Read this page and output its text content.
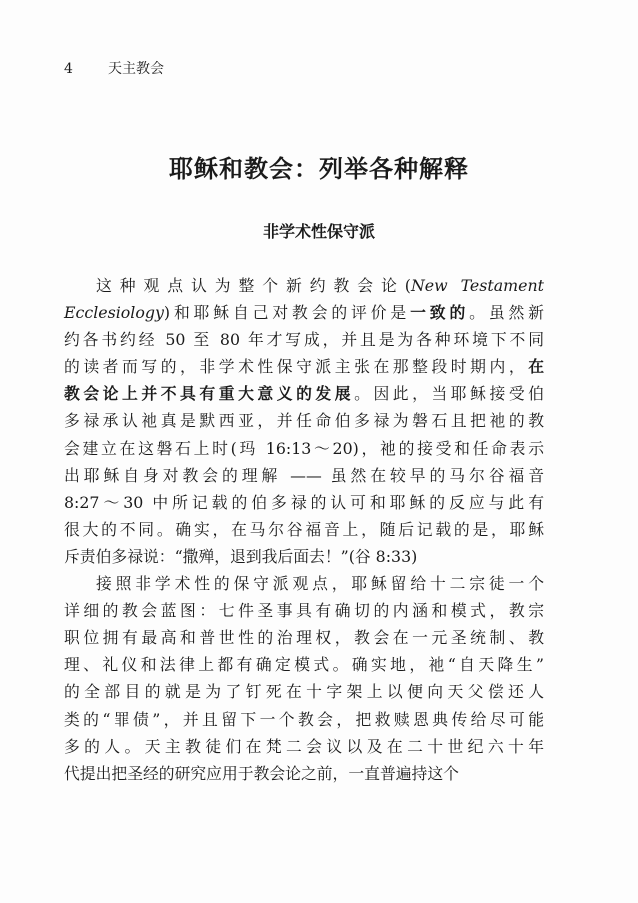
4	天主教会
耶稣和教会：列举各种解释
非学术性保守派
这种观点认为整个新约教会论(New Testament
Ecclesiology)和耶稣自己对教会的评价是一致的。虽然新
约各书约经 50 至 80 年才写成，并且是为各种环境下不同
的读者而写的，非学术性保守派主张在那整段时期内，在
教会论上并不具有重大意义的发展。因此，当耶稣接受伯
多禄承认祂真是默西亚，并任命伯多禄为磐石且把祂的教
会建立在这磐石上时(玛 16:13～20)，祂的接受和任命表示
出耶稣自身对教会的理解 —— 虽然在较早的马尔谷福音
8:27～30 中所记载的伯多禄的认可和耶稣的反应与此有
很大的不同。确实，在马尔谷福音上，随后记载的是，耶稣
斥责伯多禄说：“撒殚，退到我后面去！”(谷 8:33)
接照非学术性的保守派观点，耶稣留给十二宗徒一个
详细的教会蓝图：七件圣事具有确切的内涵和模式，教宗
职位拥有最高和普世性的治理权，教会在一元圣统制、教
理、礼仪和法律上都有确定模式。确实地，祂“自天降生”
的全部目的就是为了钉死在十字架上以便向天父偿还人
类的“罪债”，并且留下一个教会，把救赎恩典传给尽可能
多的人。天主教徒们在梵二会议以及在二十世纪六十年
代提出把圣经的研究应用于教会论之前，一直普遍持这个
